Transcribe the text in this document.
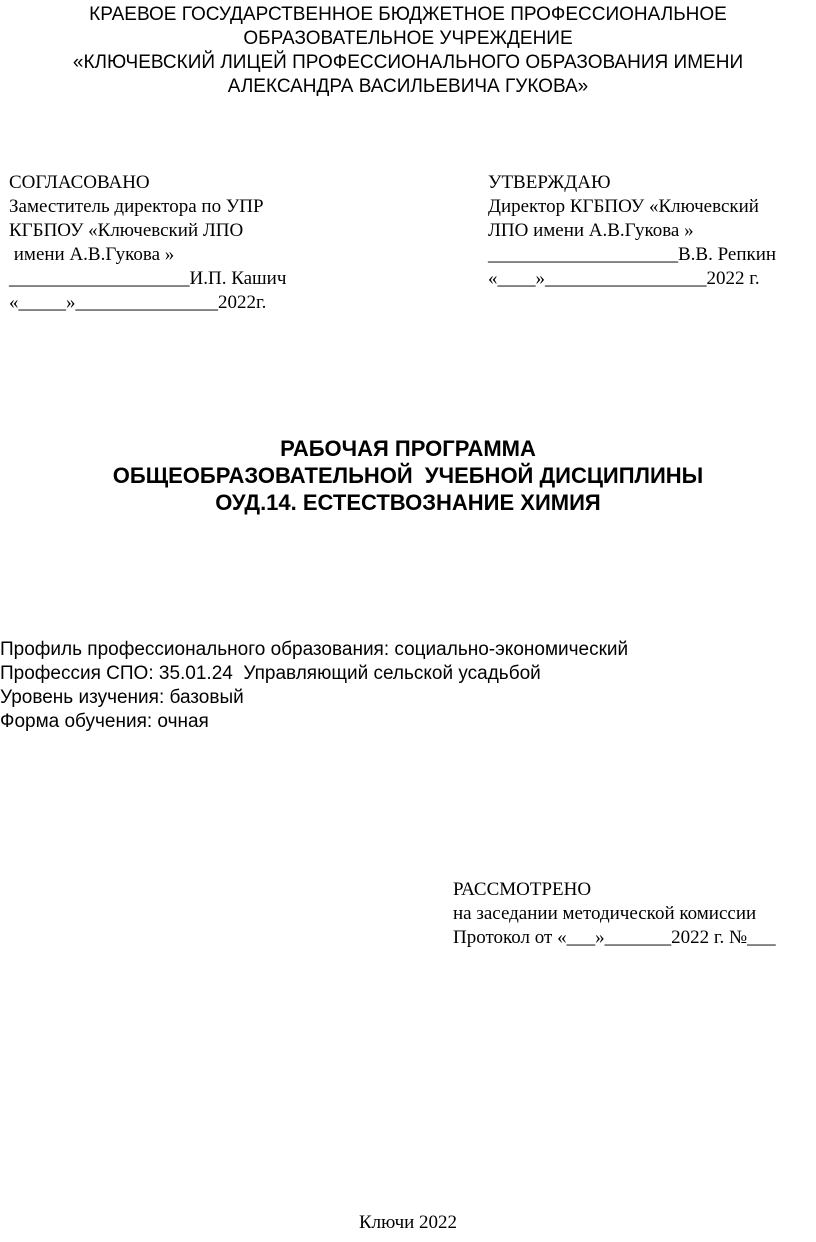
КРАЕВОЕ ГОСУДАРСТВЕННОЕ БЮДЖЕТНОЕ ПРОФЕССИОНАЛЬНОЕ
ОБРАЗОВАТЕЛЬНОЕ УЧРЕЖДЕНИЕ
«КЛЮЧЕВСКИЙ ЛИЦЕЙ ПРОФЕССИОНАЛЬНОГО ОБРАЗОВАНИЯ ИМЕНИ
АЛЕКСАНДРА ВАСИЛЬЕВИЧА ГУКОВА»
СОГЛАСОВАНО
Заместитель директора по УПР
КГБПОУ «Ключевский ЛПО
имени А.В.Гукова »
___________________И.П. Кашич
«_____»_______________2022г.
УТВЕРЖДАЮ
Директор КГБПОУ «Ключевский
ЛПО имени А.В.Гукова »
____________________В.В. Репкин
«____»_________________2022 г.
РАБОЧАЯ ПРОГРАММА
ОБЩЕОБРАЗОВАТЕЛЬНОЙ  УЧЕБНОЙ ДИСЦИПЛИНЫ
ОУД.14. ЕСТЕСТВОЗНАНИЕ ХИМИЯ
Профиль профессионального образования: социально-экономический
Профессия СПО: 35.01.24  Управляющий сельской усадьбой
Уровень изучения: базовый
Форма обучения: очная
РАССМОТРЕНО
на заседании методической комиссии
Протокол от «___»_______2022 г. №___
Ключи 2022
